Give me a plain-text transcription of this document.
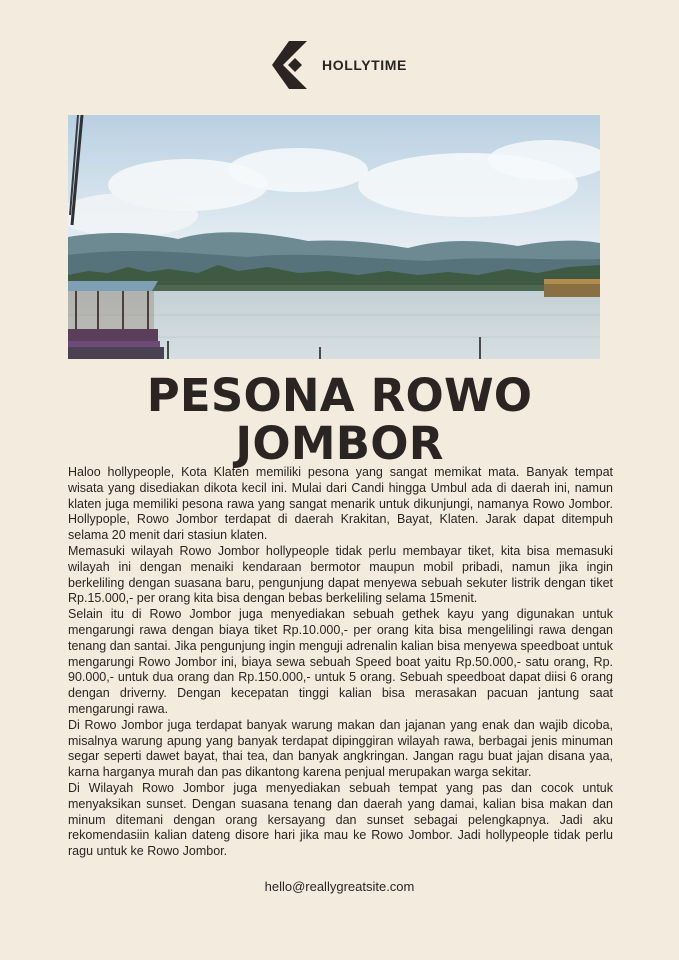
HOLLYTIME
PESONA ROWO
JOMBOR

Haloo hollypeople, Kota Klaten memiliki pesona yang sangat memikat mata. Banyak tempat wisata yang disediakan dikota kecil ini. Mulai dari Candi hingga Umbul ada di daerah ini, namun klaten juga memiliki pesona rawa yang sangat menarik untuk dikunjungi, namanya Rowo Jombor. Hollypople, Rowo Jombor terdapat di daerah Krakitan, Bayat, Klaten. Jarak dapat ditempuh selama 20 menit dari stasiun klaten.

Memasuki wilayah Rowo Jombor hollypeople tidak perlu membayar tiket, kita bisa memasuki wilayah ini dengan menaiki kendaraan bermotor maupun mobil pribadi, namun jika ingin berkeliling dengan suasana baru, pengunjung dapat menyewa sebuah sekuter listrik dengan tiket Rp.15.000,- per orang kita bisa dengan bebas berkeliling selama 15menit.

Selain itu di Rowo Jombor juga menyediakan sebuah gethek kayu yang digunakan untuk mengarungi rawa dengan biaya tiket Rp.10.000,- per orang kita bisa mengelilingi rawa dengan tenang dan santai. Jika pengunjung ingin menguji adrenalin kalian bisa menyewa speedboat untuk mengarungi Rowo Jombor ini, biaya sewa sebuah Speed boat yaitu Rp.50.000,- satu orang, Rp. 90.000,- untuk dua orang dan Rp.150.000,- untuk 5 orang. Sebuah speedboat dapat diisi 6 orang dengan driverny. Dengan kecepatan tinggi kalian bisa merasakan pacuan jantung saat mengarungi rawa.

Di Rowo Jombor juga terdapat banyak warung makan dan jajanan yang enak dan wajib dicoba, misalnya warung apung yang banyak terdapat dipinggiran wilayah rawa, berbagai jenis minuman segar seperti dawet bayat, thai tea, dan banyak angkringan. Jangan ragu buat jajan disana yaa, karna harganya murah dan pas dikantong karena penjual merupakan warga sekitar.

Di Wilayah Rowo Jombor juga menyediakan sebuah tempat yang pas dan cocok untuk menyaksikan sunset. Dengan suasana tenang dan daerah yang damai, kalian bisa makan dan minum ditemani dengan orang kersayang dan sunset sebagai pelengkapnya. Jadi aku rekomendasiin kalian dateng disore hari jika mau ke Rowo Jombor. Jadi hollypeople tidak perlu ragu untuk ke Rowo Jombor.

hello@reallygreatsite.com
